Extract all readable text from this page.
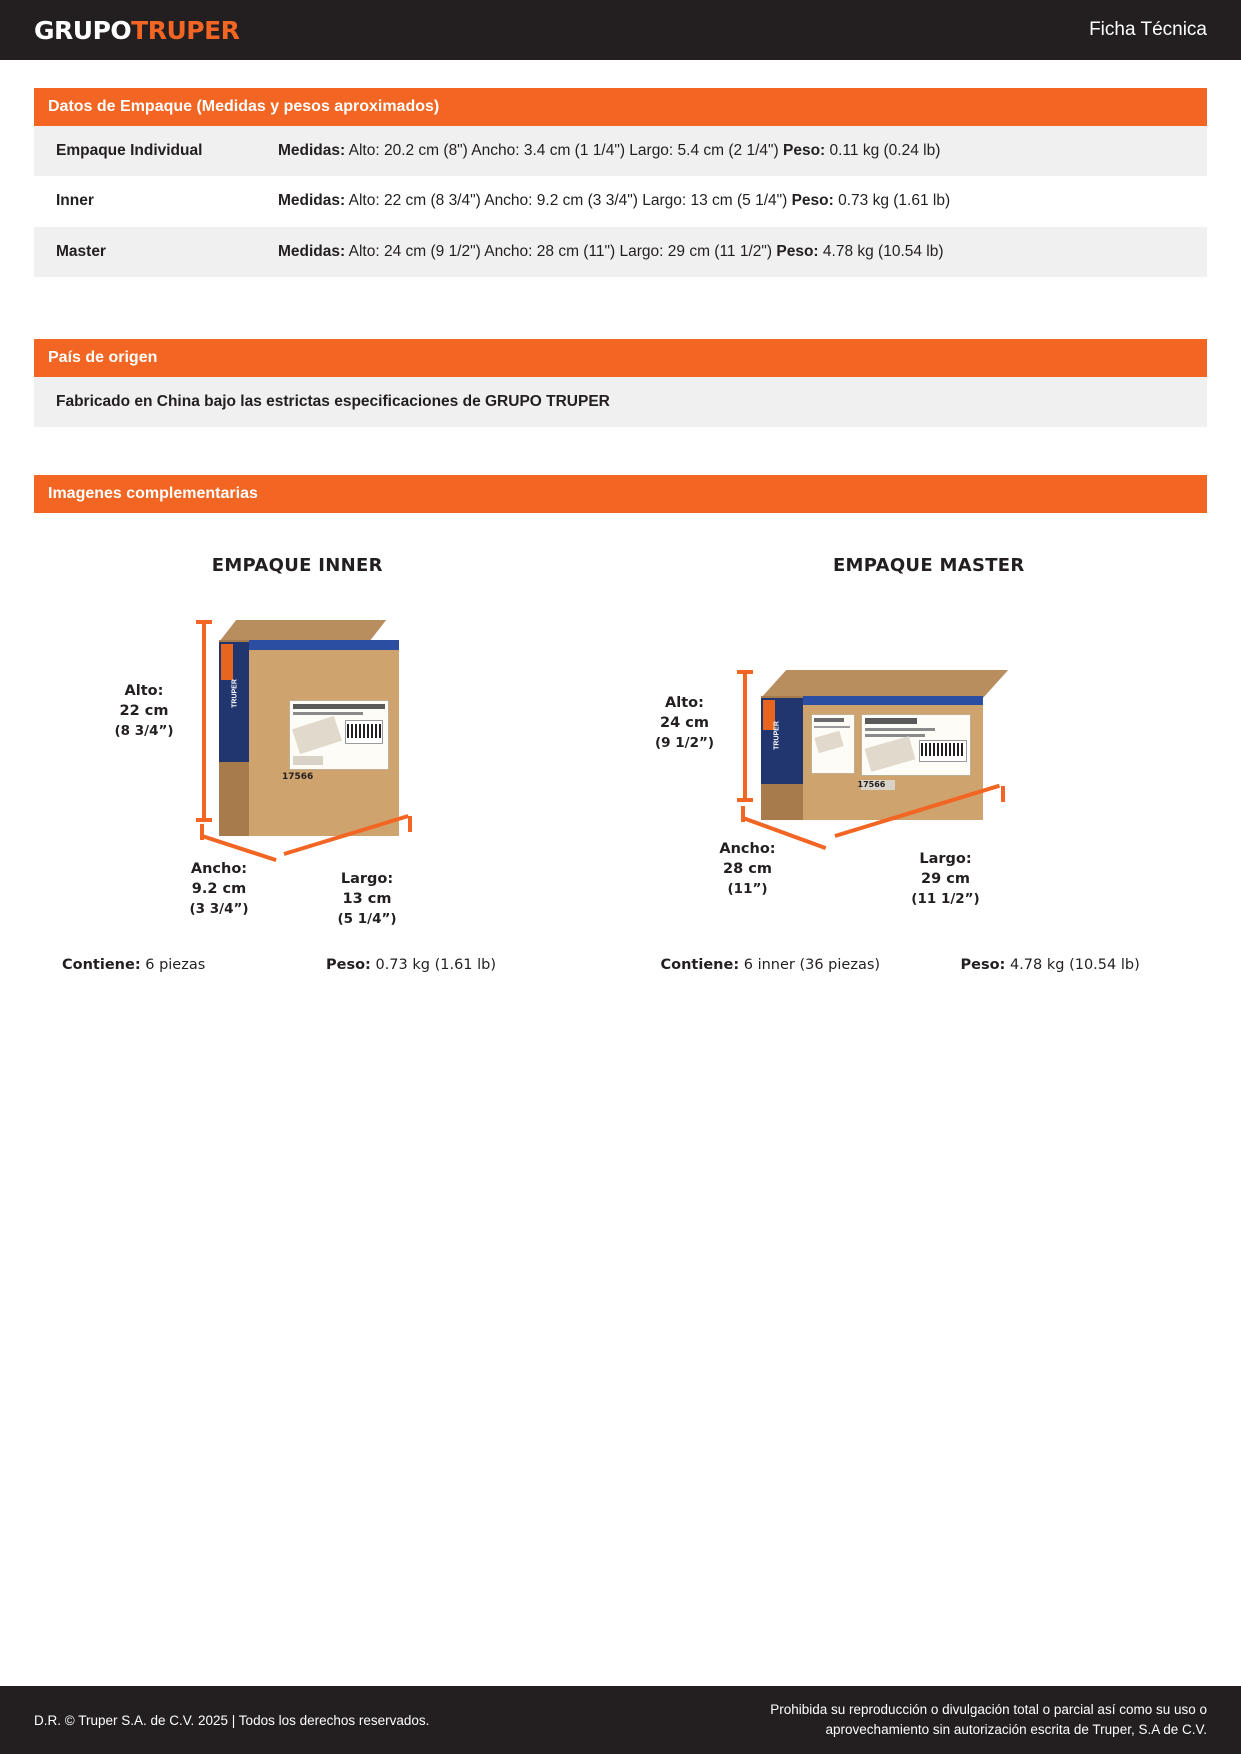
GRUPOTRUPER	Ficha Técnica
Datos de Empaque (Medidas y pesos aproximados)
Empaque Individual	Medidas: Alto: 20.2 cm (8") Ancho: 3.4 cm (1 1/4") Largo: 5.4 cm (2 1/4") Peso: 0.11 kg (0.24 lb)
Inner	Medidas: Alto: 22 cm (8 3/4") Ancho: 9.2 cm (3 3/4") Largo: 13 cm (5 1/4") Peso: 0.73 kg (1.61 lb)
Master	Medidas: Alto: 24 cm (9 1/2") Ancho: 28 cm (11") Largo: 29 cm (11 1/2") Peso: 4.78 kg (10.54 lb)
País de origen
Fabricado en China bajo las estrictas especificaciones de GRUPO TRUPER
Imagenes complementarias
EMPAQUE INNER
17566
TRUPER
Alto:
22 cm
(8 3/4”)
Ancho:
9.2 cm
(3 3/4”)
Largo:
13 cm
(5 1/4”)
Contiene: 6 piezas	Peso: 0.73 kg (1.61 lb)
EMPAQUE MASTER
17566
TRUPER
Alto:
24 cm
(9 1/2”)
Ancho:
28 cm
(11”)
Largo:
29 cm
(11 1/2”)
Contiene: 6 inner (36 piezas)	Peso: 4.78 kg (10.54 lb)
D.R. © Truper S.A. de C.V. 2025 | Todos los derechos reservados.
Prohibida su reproducción o divulgación total o parcial así como su uso o
aprovechamiento sin autorización escrita de Truper, S.A de C.V.
